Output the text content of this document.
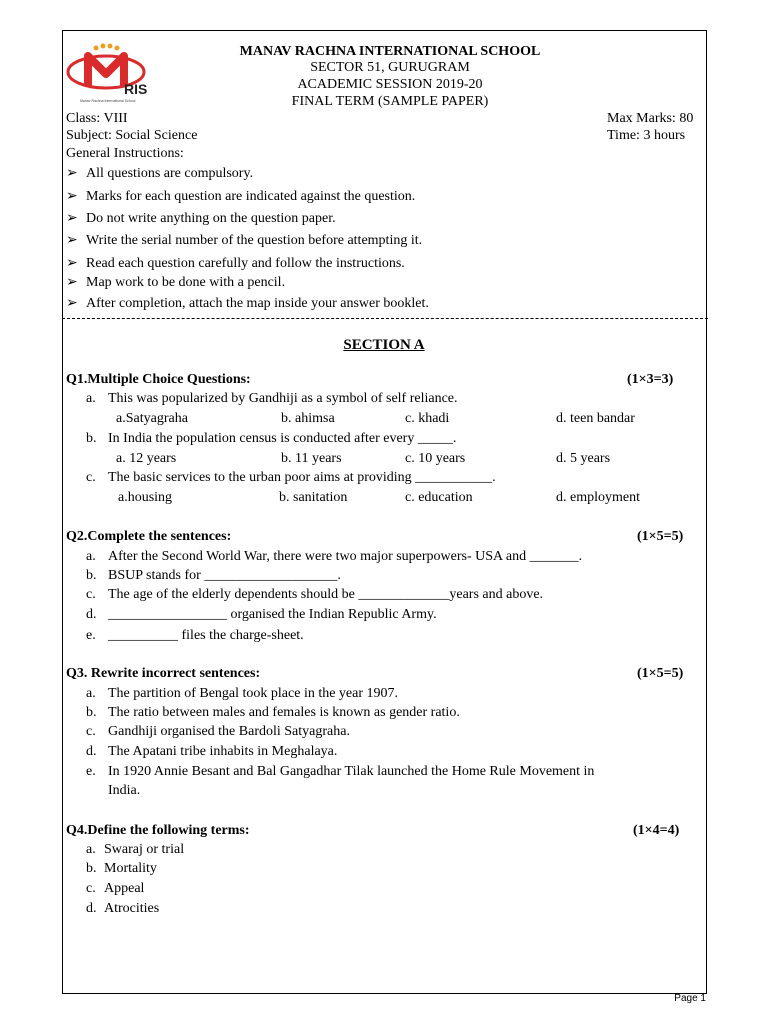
RIS
Manav Rachna International School
MANAV RACHNA INTERNATIONAL SCHOOL
SECTOR 51, GURUGRAM
ACADEMIC SESSION 2019-20
FINAL TERM (SAMPLE PAPER)
Class: VIII	Max Marks: 80
Subject: Social Science	Time: 3 hours
General Instructions:
➢ All questions are compulsory.
➢ Marks for each question are indicated against the question.
➢ Do not write anything on the question paper.
➢ Write the serial number of the question before attempting it.
➢ Read each question carefully and follow the instructions.
➢ Map work to be done with a pencil.
➢ After completion, attach the map inside your answer booklet.
SECTION A
Q1.Multiple Choice Questions:	(1×3=3)
a. This was popularized by Gandhiji as a symbol of self reliance.
a.Satyagraha	b. ahimsa	c. khadi	d. teen bandar
b. In India the population census is conducted after every _____.
a. 12 years	b. 11 years	c. 10 years	d. 5 years
c. The basic services to the urban poor aims at providing ___________.
a.housing	b. sanitation	c. education	d. employment
Q2.Complete the sentences:	(1×5=5)
a. After the Second World War, there were two major superpowers- USA and _______.
b. BSUP stands for ___________________.
c. The age of the elderly dependents should be _____________years and above.
d. _________________ organised the Indian Republic Army.
e. __________ files the charge-sheet.
Q3. Rewrite incorrect sentences:	(1×5=5)
a. The partition of Bengal took place in the year 1907.
b. The ratio between males and females is known as gender ratio.
c. Gandhiji organised the Bardoli Satyagraha.
d. The Apatani tribe inhabits in Meghalaya.
e. In 1920 Annie Besant and Bal Gangadhar Tilak launched the Home Rule Movement in
India.
Q4.Define the following terms:	(1×4=4)
a. Swaraj or trial
b. Mortality
c. Appeal
d. Atrocities
Page 1
